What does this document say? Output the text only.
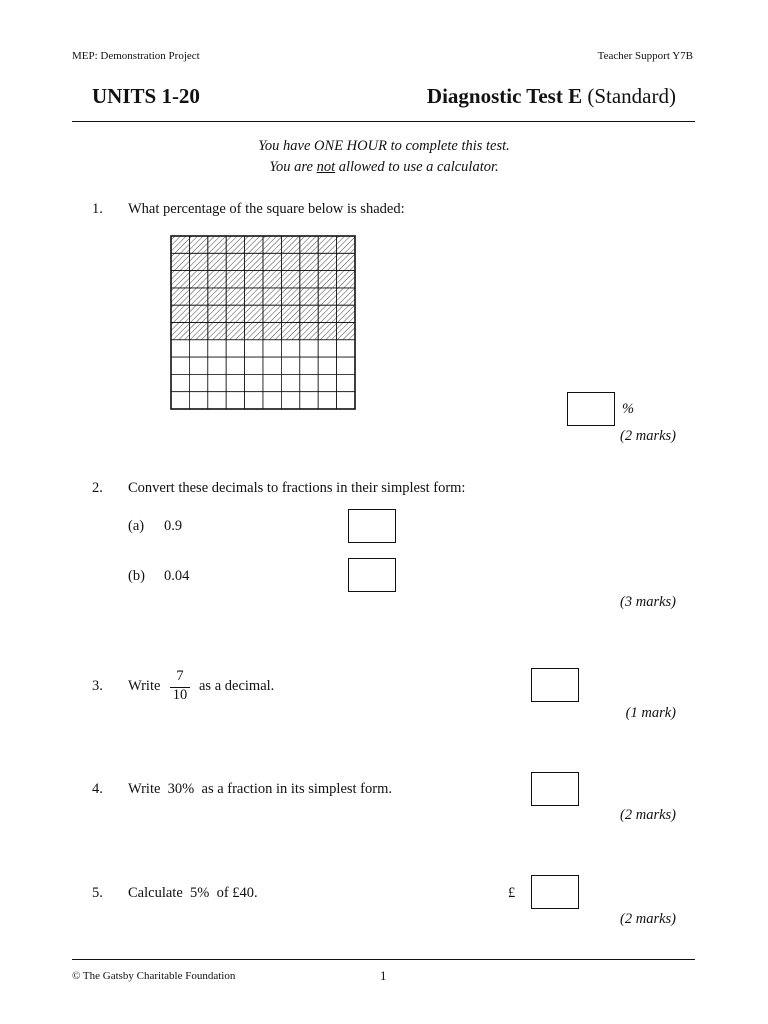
MEP: Demonstration Project	Teacher Support Y7B
UNITS 1-20	Diagnostic Test E (Standard)
You have ONE HOUR to complete this test.
You are not allowed to use a calculator.
1. What percentage of the square below is shaded:
%
(2 marks)
2. Convert these decimals to fractions in their simplest form:
(a) 0.9
(b) 0.04
(3 marks)
3. Write
7
10
as a decimal.
(1 mark)
4. Write  30%  as a fraction in its simplest form.
(2 marks)
5. Calculate  5%  of £40.	£
(2 marks)
© The Gatsby Charitable Foundation	1
